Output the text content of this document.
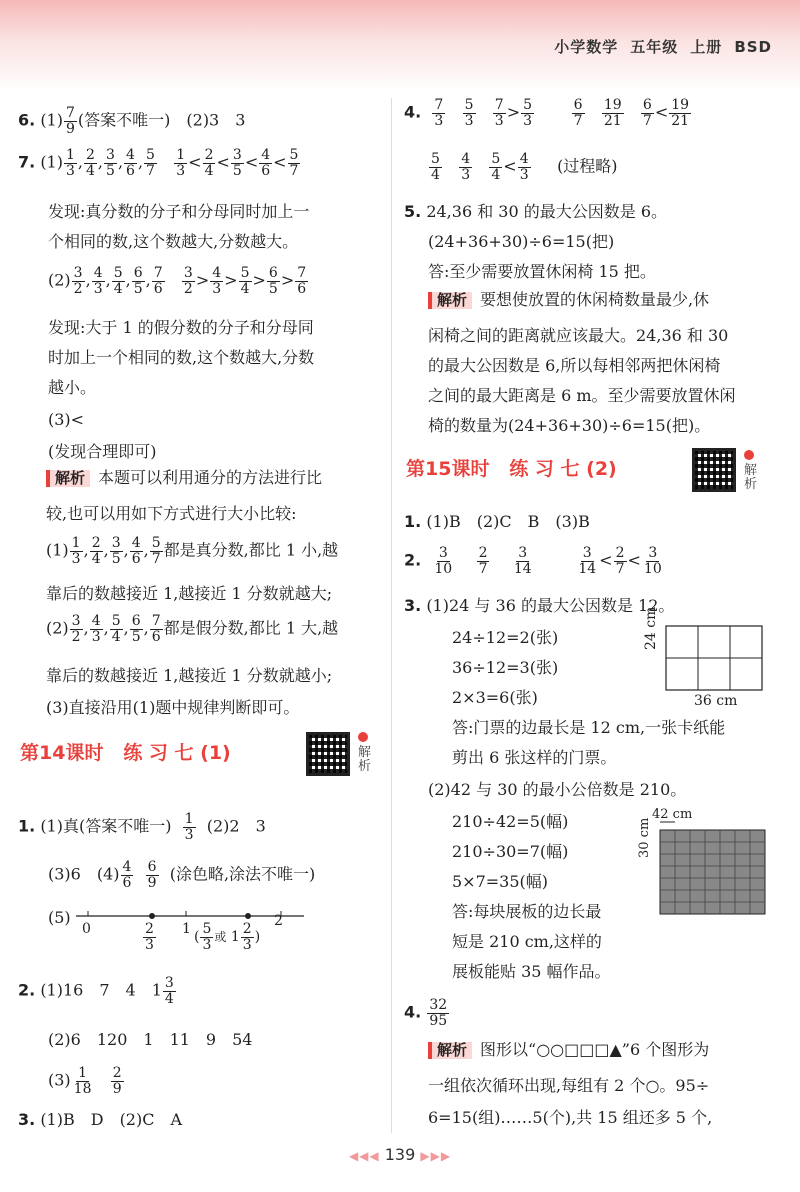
小学数学 五年级 上册 BSD
6. $(1) \frac{7}{9}$ (答案不唯一)　(2)3　3
7. $(1) \frac{1}{3}$ , $\frac{2}{4}$ , $\frac{3}{5}$ , $\frac{4}{6}$ , $\frac{5}{7}$
$\frac{1}{3} < \frac{2}{4} < \frac{3}{5} < \frac{4}{6} < \frac{5}{7}$
发现:真分数的分子和分母同时加上一
个相同的数,这个数越大,分数越大。
$(2) \frac{3}{2}$ , $\frac{4}{3}$ , $\frac{5}{4}$ , $\frac{6}{5}$ , $\frac{7}{6}$
$\frac{3}{2} > \frac{4}{3} > \frac{5}{4} > \frac{6}{5} > \frac{7}{6}$
发现:大于 1 的假分数的分子和分母同
时加上一个相同的数,这个数越大,分数
越小。
(3)<
(发现合理即可)
解析 本题可以利用通分的方法进行比
较,也可以用如下方式进行大小比较:
$(1) \frac{1}{3}$ , $\frac{2}{4}$ , $\frac{3}{5}$ , $\frac{4}{6}$ , $\frac{5}{7}$ 都是真分数,都比 1 小,越
靠后的数越接近 1,越接近 1 分数就越大;
$(2) \frac{3}{2}$ , $\frac{4}{3}$ , $\frac{5}{4}$ , $\frac{6}{5}$ , $\frac{7}{6}$ 都是假分数,都比 1 大,越
靠后的数越接近 1,越接近 1 分数就越小;
(3)直接沿用(1)题中规律判断即可。
第14课时 练 习 七 (1)	解析
1. (1)真(答案不唯一) $\frac{1}{3} (2)2$　3
(3)6　$(4) \frac{4}{6}$
$\frac{6}{9}$ (涂色略,涂法不唯一)
(5)
0	1	2
$\frac{2}{3}$	( $\frac{5}{3}$ 或 $1 \frac{2}{3}$ )
2. (1)16　7　4　$1 \frac{3}{4}$
(2)6　120　1　11　9　54
$(3) \frac{1}{18}$
$\frac{2}{9}$
3. (1)B　D　(2)C　A
4. $\frac{7}{3}$
$\frac{5}{3}$
$\frac{7}{3} > \frac{5}{3}$
	$\frac{6}{7}$
$\frac{19}{21}$
$\frac{6}{7} < \frac{19}{21}$
$\frac{5}{4}$
$\frac{4}{3}$
$\frac{5}{4} < \frac{4}{3}$ (过程略)
5. 24,36 和 30 的最大公因数是 6。
(24+36+30)÷6=15(把)
答:至少需要放置休闲椅 15 把。
解析 要想使放置的休闲椅数量最少,休
闲椅之间的距离就应该最大。24,36 和 30
的最大公因数是 6,所以每相邻两把休闲椅
之间的最大距离是 6 m。至少需要放置休闲
椅的数量为(24+36+30)÷6=15(把)。
第15课时 练 习 七 (2)	解析
1. (1)B　(2)C　B　(3)B
2. $\frac{3}{10}$
$\frac{2}{7}$
$\frac{3}{14}$
	$\frac{3}{14} < \frac{2}{7} < \frac{3}{10}$
3. (1)24 与 36 的最大公因数是 12。
24÷12=2(张)
36÷12=3(张)
2×3=6(张)
答:门票的边最长是 12 cm,一张卡纸能
剪出 6 张这样的门票。
24 cm
36 cm
(2)42 与 30 的最小公倍数是 210。
210÷42=5(幅)
210÷30=7(幅)
5×7=35(幅)
答:每块展板的边长最
短是 210 cm,这样的
展板能贴 35 幅作品。
42 cm
30 cm
4. $\frac{32}{95}$
解析 图形以“○○□□□▲”6 个图形为
一组依次循环出现,每组有 2 个○。95÷
6=15(组)……5(个),共 15 组还多 5 个,
◀◀◀ 139 ▶▶▶
